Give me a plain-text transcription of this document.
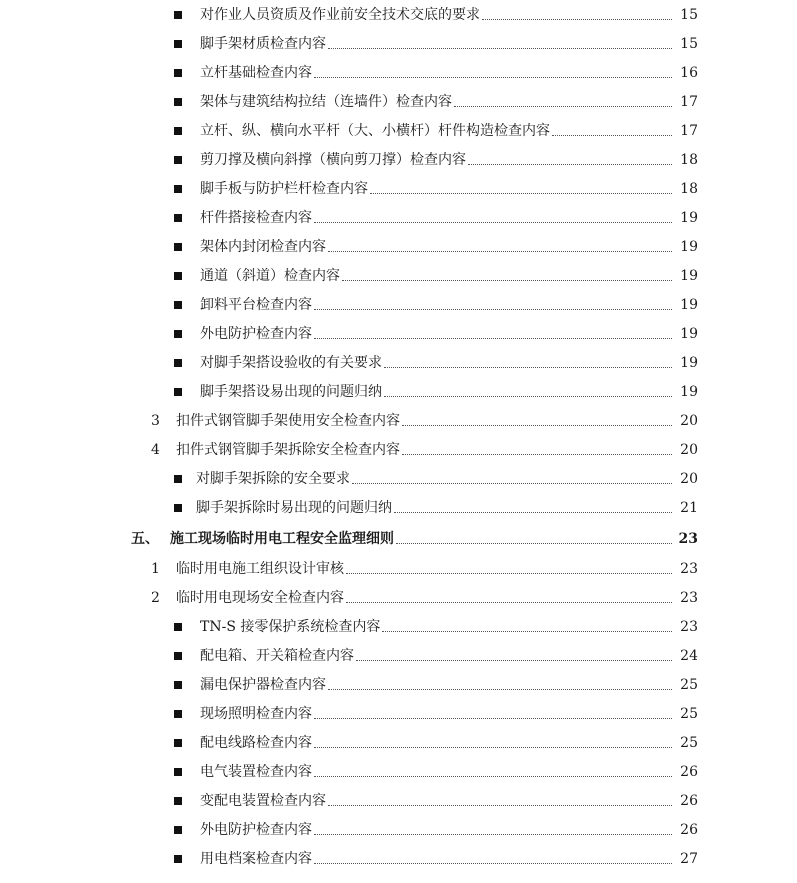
对作业人员资质及作业前安全技术交底的要求	15
脚手架材质检查内容	15
立杆基础检查内容	16
架体与建筑结构拉结（连墙件）检查内容	17
立杆、纵、横向水平杆（大、小横杆）杆件构造检查内容	17
剪刀撑及横向斜撑（横向剪刀撑）检查内容	18
脚手板与防护栏杆检查内容	18
杆件搭接检查内容	19
架体内封闭检查内容	19
通道（斜道）检查内容	19
卸料平台检查内容	19
外电防护检查内容	19
对脚手架搭设验收的有关要求	19
脚手架搭设易出现的问题归纳	19
3 扣件式钢管脚手架使用安全检查内容	20
4 扣件式钢管脚手架拆除安全检查内容	20
对脚手架拆除的安全要求	20
脚手架拆除时易出现的问题归纳	21
五、 施工现场临时用电工程安全监理细则	23
1 临时用电施工组织设计审核	23
2 临时用电现场安全检查内容	23
TN-S 接零保护系统检查内容	23
配电箱、开关箱检查内容	24
漏电保护器检查内容	25
现场照明检查内容	25
配电线路检查内容	25
电气装置检查内容	26
变配电装置检查内容	26
外电防护检查内容	26
用电档案检查内容	27
